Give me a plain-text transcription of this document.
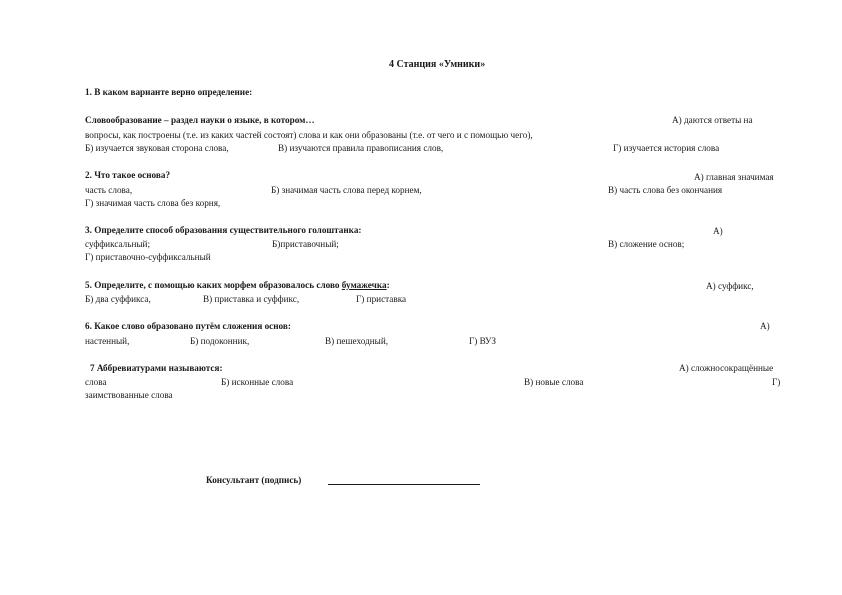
4 Станция «Умники»
1. В каком варианте верно определение:
Словообразование – раздел науки о языке, в котором…	А) даются ответы на
вопросы, как построены (т.е. из каких частей состоят) слова и как они образованы (т.е. от чего и с помощью чего),
Б) изучается звуковая сторона слова,	В) изучаются правила правописания слов,	Г) изучается история слова
2. Что такое основа?	А) главная значимая
часть слова,	Б) значимая часть слова перед корнем,	В) часть слова без окончания
Г) значимая часть слова без корня,
3. Определите способ образования существительного голоштанка:	А)
суффиксальный;	Б)приставочный;	В) сложение основ;
Г) приставочно-суффиксальный
5. Определите, с помощью каких морфем образовалось слово бумажечка:	А) суффикс,
Б) два суффикса,	В) приставка и суффикс,	Г) приставка
6. Какое слово образовано путём сложения основ:	А)
настенный,	Б) подоконник,	В) пешеходный,	Г) ВУЗ
7 Аббревиатурами называются:	А) сложносокращённые
слова	Б) исконные слова	В) новые слова	Г)
заимствованные слова
Консультант (подпись)
